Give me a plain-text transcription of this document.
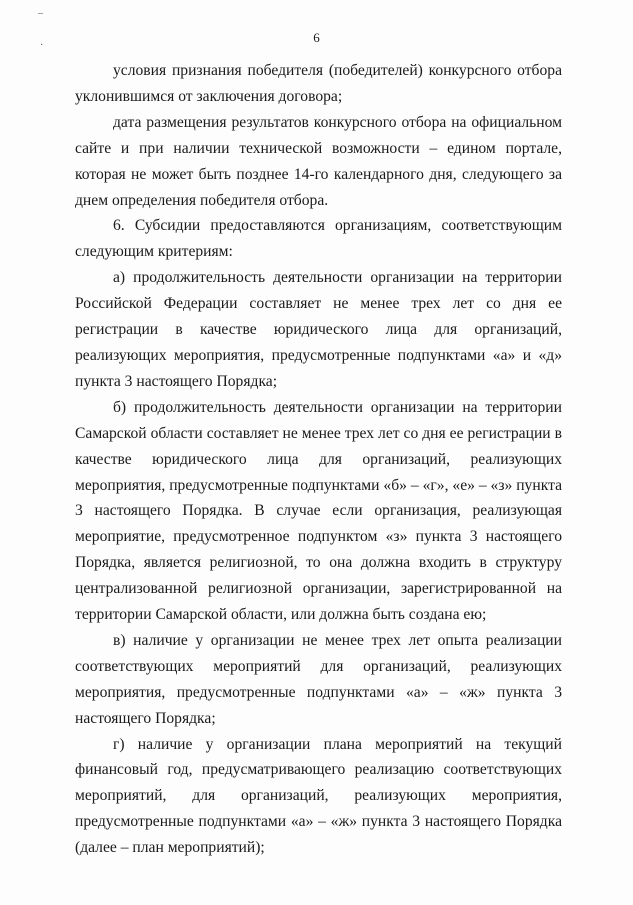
–
·
6

условия признания победителя (победителей) конкурсного отбора уклонившимся от заключения договора;

дата размещения результатов конкурсного отбора на официальном сайте и при наличии технической возможности – едином портале, которая не может быть позднее 14-го календарного дня, следующего за днем определения победителя отбора.

6. Субсидии предоставляются организациям, соответствующим следующим критериям:

а) продолжительность деятельности организации на территории Российской Федерации составляет не менее трех лет со дня ее регистрации в качестве юридического лица для организаций, реализующих мероприятия, предусмотренные подпунктами «а» и «д» пункта 3 настоящего Порядка;

б) продолжительность деятельности организации на территории Самарской области составляет не менее трех лет со дня ее регистрации в качестве юридического лица для организаций, реализующих мероприятия, предусмотренные подпунктами «б» – «г», «е» – «з» пункта 3 настоящего Порядка. В случае если организация, реализующая мероприятие, предусмотренное подпунктом «з» пункта 3 настоящего Порядка, является религиозной, то она должна входить в структуру централизованной религиозной организации, зарегистрированной на территории Самарской области, или должна быть создана ею;

в) наличие у организации не менее трех лет опыта реализации соответствующих мероприятий для организаций, реализующих мероприятия, предусмотренные подпунктами «а» – «ж» пункта 3 настоящего Порядка;

г) наличие у организации плана мероприятий на текущий финансовый год, предусматривающего реализацию соответствующих мероприятий, для организаций, реализующих мероприятия, предусмотренные подпунктами «а» – «ж» пункта 3 настоящего Порядка (далее – план мероприятий);
